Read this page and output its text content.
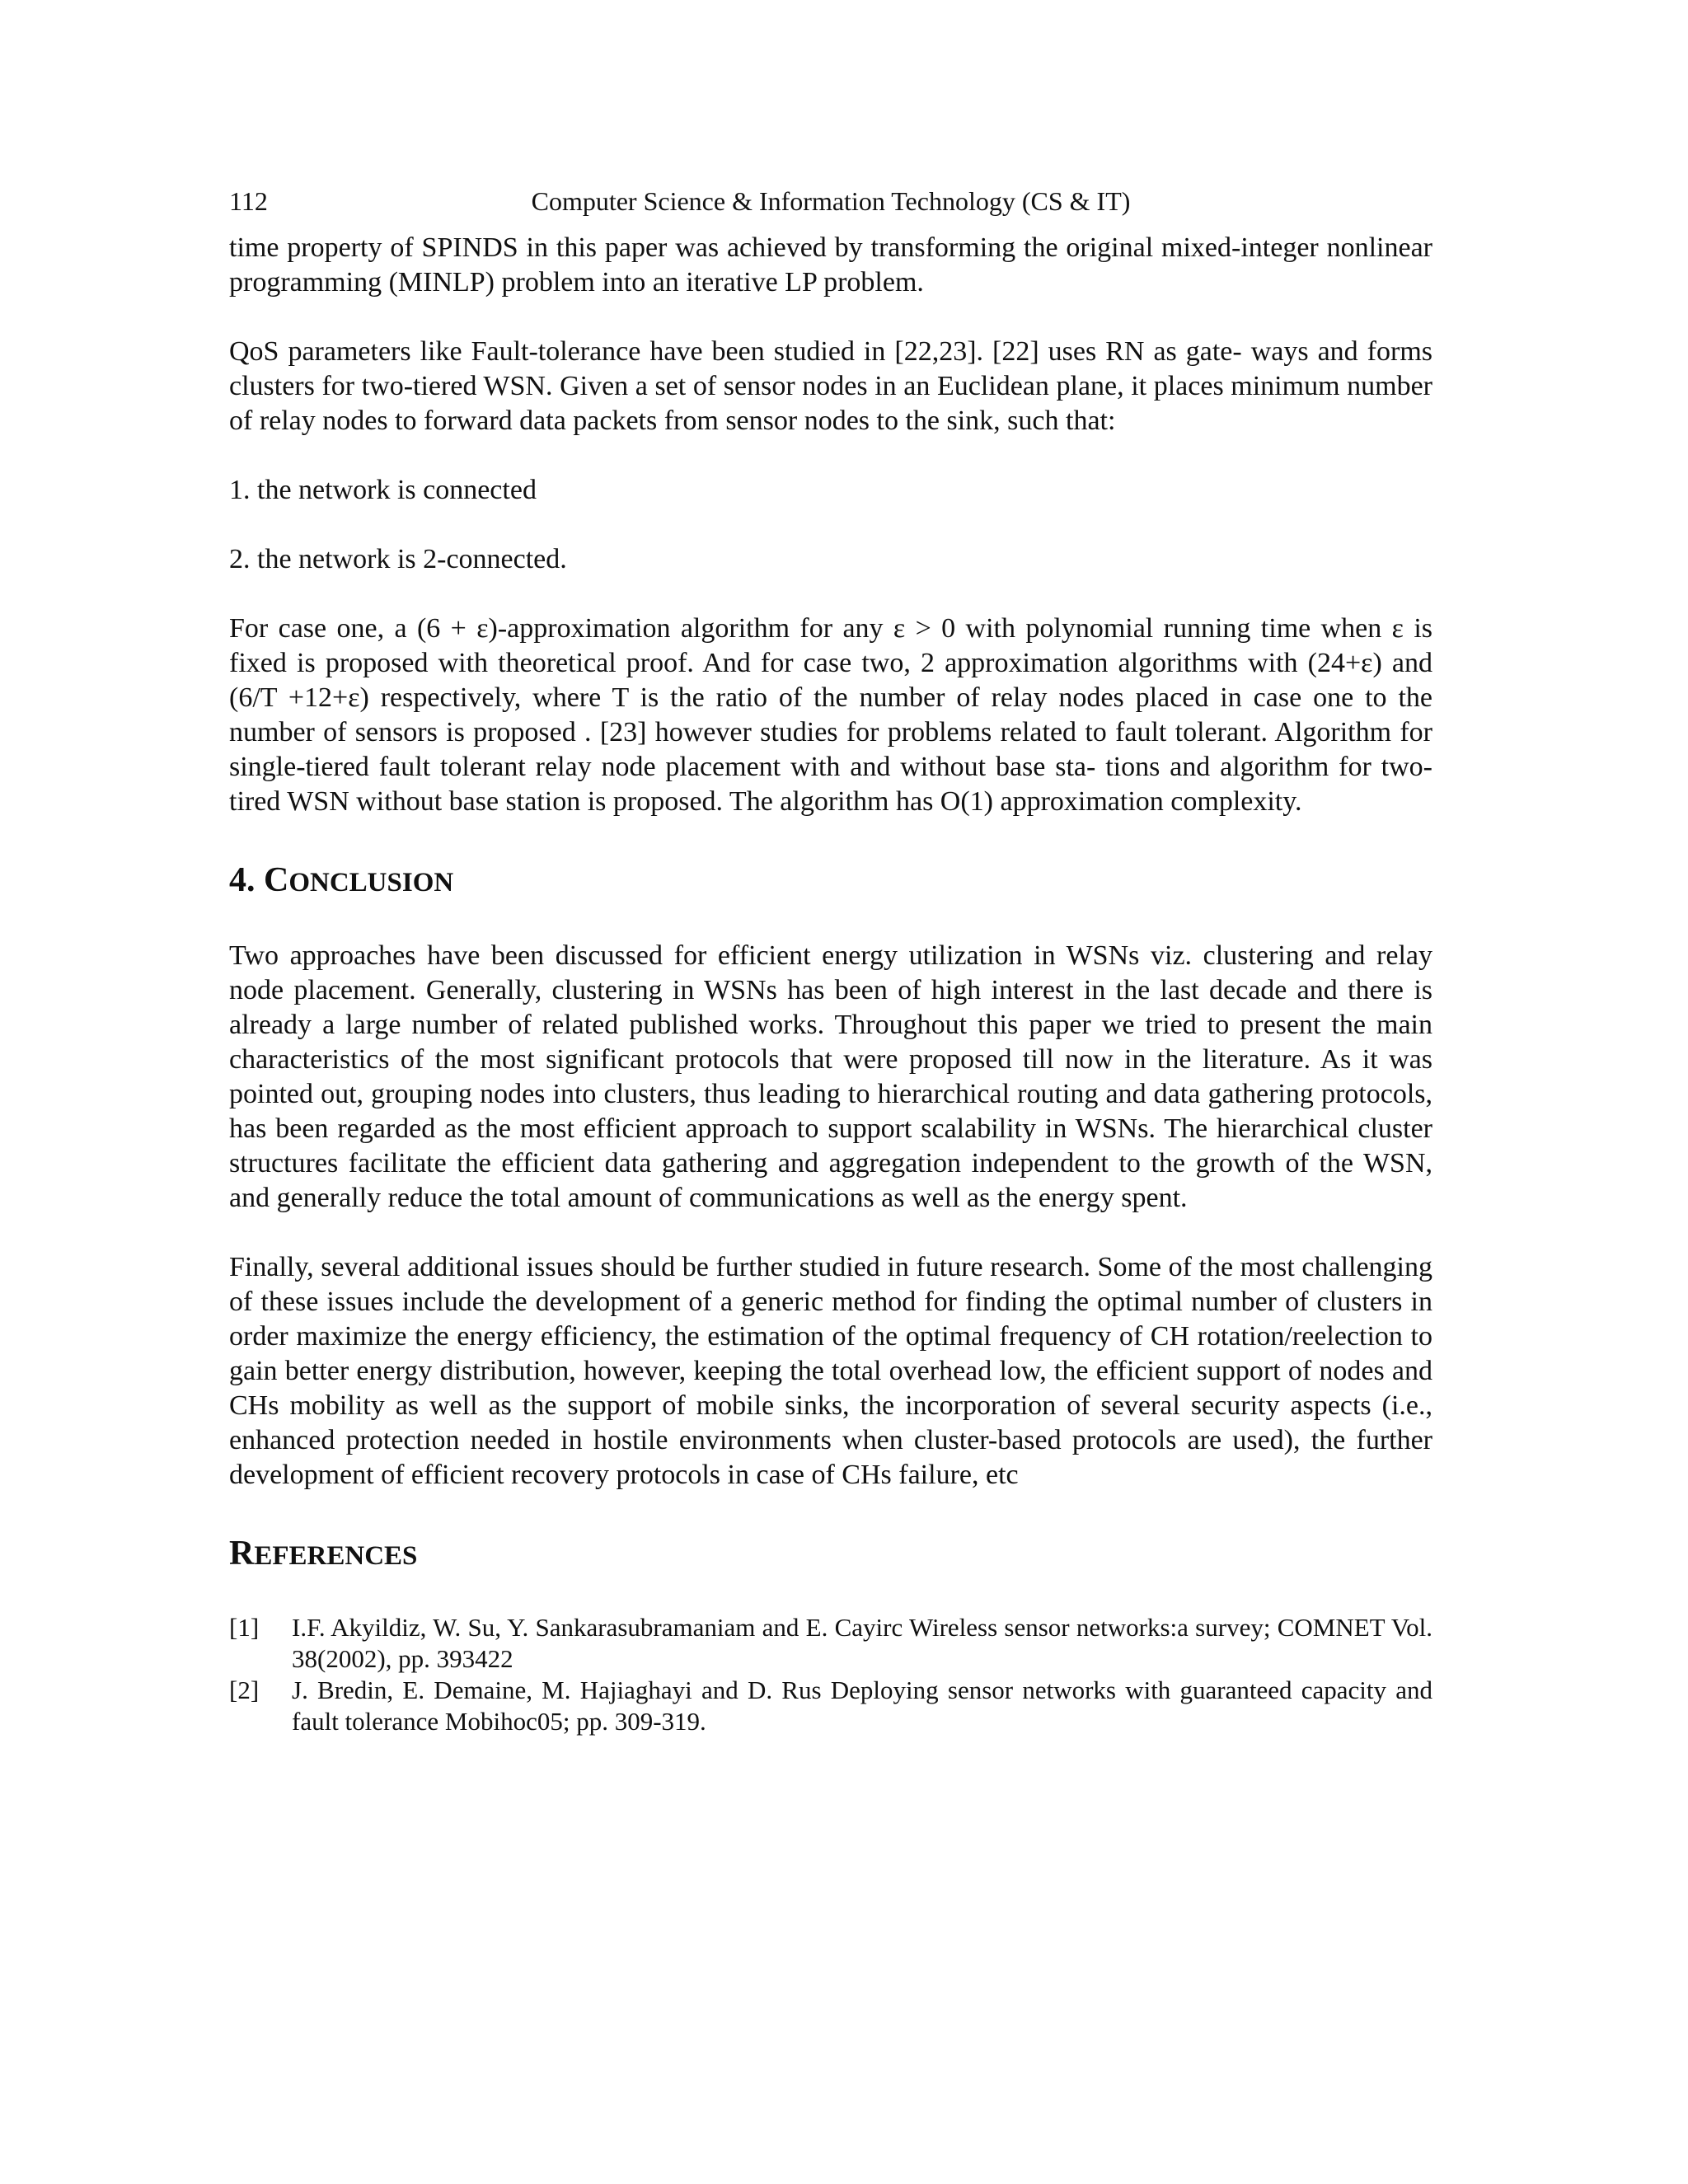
112	Computer Science & Information Technology (CS & IT)

time property of SPINDS in this paper was achieved by transforming the original mixed-integer nonlinear programming (MINLP) problem into an iterative LP problem.

QoS parameters like Fault-tolerance have been studied in [22,23]. [22] uses RN as gate- ways and forms clusters for two-tiered WSN. Given a set of sensor nodes in an Euclidean plane, it places minimum number of relay nodes to forward data packets from sensor nodes to the sink, such that:

1. the network is connected

2. the network is 2-connected.

For case one, a (6 + ε)-approximation algorithm for any ε > 0 with polynomial running time when ε is fixed is proposed with theoretical proof. And for case two, 2 approximation algorithms with (24+ε) and (6/T +12+ε) respectively, where T is the ratio of the number of relay nodes placed in case one to the number of sensors is proposed . [23] however studies for problems related to fault tolerant. Algorithm for single-tiered fault tolerant relay node placement with and without base sta- tions and algorithm for two-tired WSN without base station is proposed. The algorithm has O(1) approximation complexity.

4. CONCLUSION

Two approaches have been discussed for efficient energy utilization in WSNs viz. clustering and relay node placement. Generally, clustering in WSNs has been of high interest in the last decade and there is already a large number of related published works. Throughout this paper we tried to present the main characteristics of the most significant protocols that were proposed till now in the literature. As it was pointed out, grouping nodes into clusters, thus leading to hierarchical routing and data gathering protocols, has been regarded as the most efficient approach to support scalability in WSNs. The hierarchical cluster structures facilitate the efficient data gathering and aggregation independent to the growth of the WSN, and generally reduce the total amount of communications as well as the energy spent.

Finally, several additional issues should be further studied in future research. Some of the most challenging of these issues include the development of a generic method for finding the optimal number of clusters in order maximize the energy efficiency, the estimation of the optimal frequency of CH rotation/reelection to gain better energy distribution, however, keeping the total overhead low, the efficient support of nodes and CHs mobility as well as the support of mobile sinks, the incorporation of several security aspects (i.e., enhanced protection needed in hostile environments when cluster-based protocols are used), the further development of efficient recovery protocols in case of CHs failure, etc

REFERENCES
[1]	I.F. Akyildiz, W. Su, Y. Sankarasubramaniam and E. Cayirc Wireless sensor networks:a survey; COMNET Vol. 38(2002), pp. 393422
[2]	J. Bredin, E. Demaine, M. Hajiaghayi and D. Rus Deploying sensor networks with guaranteed capacity and fault tolerance Mobihoc05; pp. 309-319.
